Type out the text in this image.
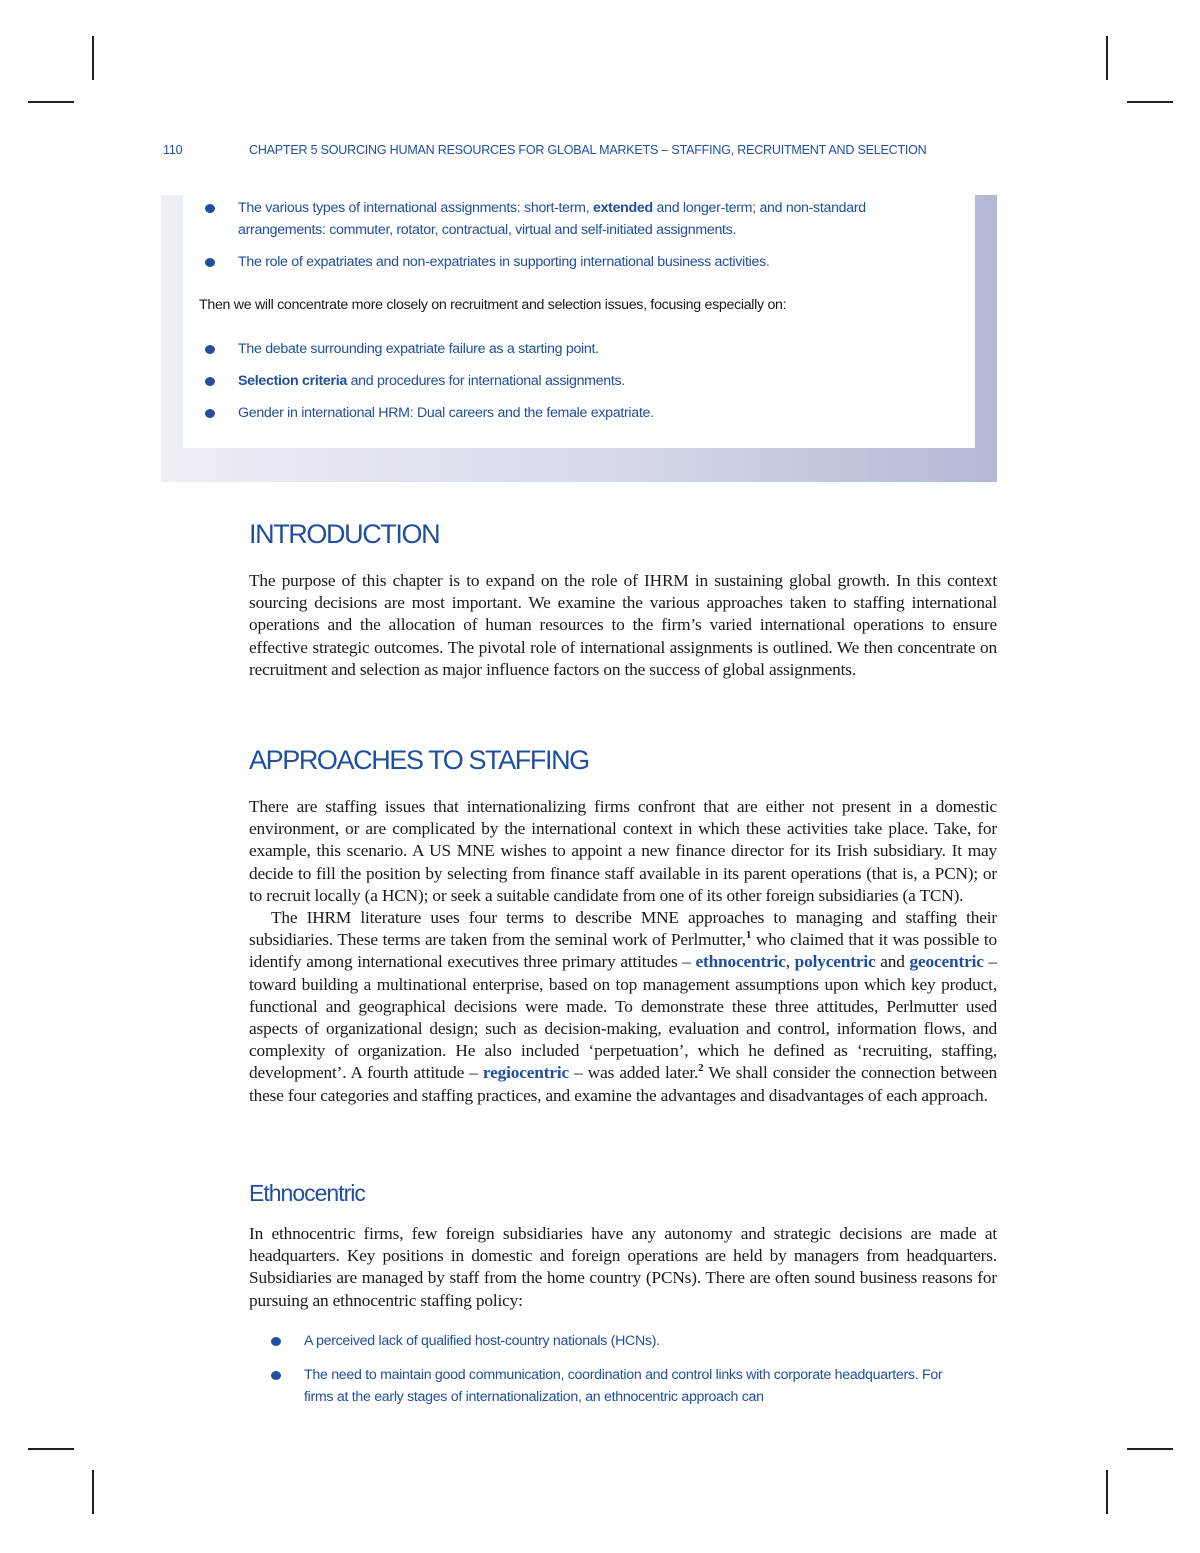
110	CHAPTER 5 SOURCING HUMAN RESOURCES FOR GLOBAL MARKETS – STAFFING, RECRUITMENT AND SELECTION
The various types of international assignments: short-term, extended and longer-term; and non-standard arrangements: commuter, rotator, contractual, virtual and self-initiated assignments.
The role of expatriates and non-expatriates in supporting international business activities.
Then we will concentrate more closely on recruitment and selection issues, focusing especially on:
The debate surrounding expatriate failure as a starting point.
Selection criteria and procedures for international assignments.
Gender in international HRM: Dual careers and the female expatriate.
INTRODUCTION

The purpose of this chapter is to expand on the role of IHRM in sustaining global growth. In this context sourcing decisions are most important. We examine the various approaches taken to staffing international operations and the allocation of human resources to the firm’s varied international operations to ensure effective strategic outcomes. The pivotal role of international assignments is outlined. We then concentrate on recruitment and selection as major influence factors on the success of global assignments.

APPROACHES TO STAFFING

There are staffing issues that internationalizing firms confront that are either not present in a domestic environment, or are complicated by the international context in which these activities take place. Take, for example, this scenario. A US MNE wishes to appoint a new finance director for its Irish subsidiary. It may decide to fill the position by selecting from finance staff available in its parent operations (that is, a PCN); or to recruit locally (a HCN); or seek a suitable candidate from one of its other foreign subsidiaries (a TCN).

The IHRM literature uses four terms to describe MNE approaches to managing and staffing their subsidiaries. These terms are taken from the seminal work of Perlmutter,$^1$ who claimed that it was possible to identify among international executives three primary attitudes – ethnocentric, polycentric and geocentric – toward building a multinational enterprise, based on top management assumptions upon which key product, functional and geographical decisions were made. To demonstrate these three attitudes, Perlmutter used aspects of organizational design; such as decision-making, evaluation and control, information flows, and complexity of organization. He also included ‘perpetuation’, which he defined as ‘recruiting, staffing, development’. A fourth attitude – regiocentric – was added later.$^2$ We shall consider the connection between these four categories and staffing practices, and examine the advantages and disadvantages of each approach.

Ethnocentric

In ethnocentric firms, few foreign subsidiaries have any autonomy and strategic decisions are made at headquarters. Key positions in domestic and foreign operations are held by managers from headquarters. Subsidiaries are managed by staff from the home country (PCNs). There are often sound business reasons for pursuing an ethnocentric staffing policy:

A perceived lack of qualified host-country nationals (HCNs).
The need to maintain good communication, coordination and control links with corporate headquarters. For firms at the early stages of internationalization, an ethnocentric approach can
